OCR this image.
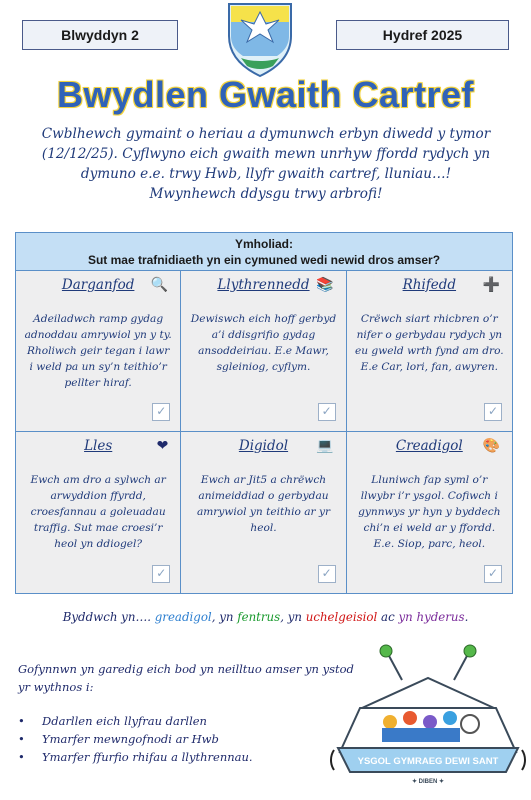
Blwyddyn 2	Hydref 2025
Bwydlen Gwaith Cartref
Cwblhewch gymaint o heriau a dymunwch erbyn diwedd y tymor (12/12/25). Cyflwyno eich gwaith mewn unrhyw ffordd rydych yn dymuno e.e. trwy Hwb, llyfr gwaith cartref, lluniau…! Mwynhewch ddysgu trwy arbrofi!
Ymholiad:
Sut mae trafnidiaeth yn ein cymuned wedi newid dros amser?
Darganfod	🔍
Adeiladwch ramp gydag adnoddau amrywiol yn y ty. Rholiwch geir tegan i lawr i weld pa un sy’n teithio’r pellter hiraf.
✓
Llythrennedd 📚
Dewiswch eich hoff gerbyd a’i ddisgrifio gydag ansoddeiriau. E.e Mawr, sgleiniog, cyflym.
✓
Rhifedd	➕
Crëwch siart rhicbren o’r nifer o gerbydau rydych yn eu gweld wrth fynd am dro. E.e Car, lori, fan, awyren.
✓
Lles	❤
Ewch am dro a sylwch ar arwyddion ffyrdd, croesfannau a goleuadau traffig. Sut mae croesi’r heol yn ddiogel?
✓
Digidol	💻
Ewch ar Jit5 a chrëwch animeiddiad o gerbydau amrywiol yn teithio ar yr heol.
✓
Creadigol	🎨
Lluniwch fap syml o’r llwybr i’r ysgol. Cofiwch i gynnwys yr hyn y byddech chi’n ei weld ar y ffordd. E.e. Siop, parc, heol.
✓
Byddwch yn…. greadigol, yn fentrus, yn uchelgeisiol ac yn hyderus.
Gofynnwn yn garedig eich bod yn neilltuo amser yn ystod yr wythnos i:
• Ddarllen eich llyfrau darllen
• Ymarfer mewngofnodi ar Hwb
• Ymarfer ffurfio rhifau a llythrennau.	YSGOL GYMRAEG DEWI SANT
✦ DIBEN ✦
